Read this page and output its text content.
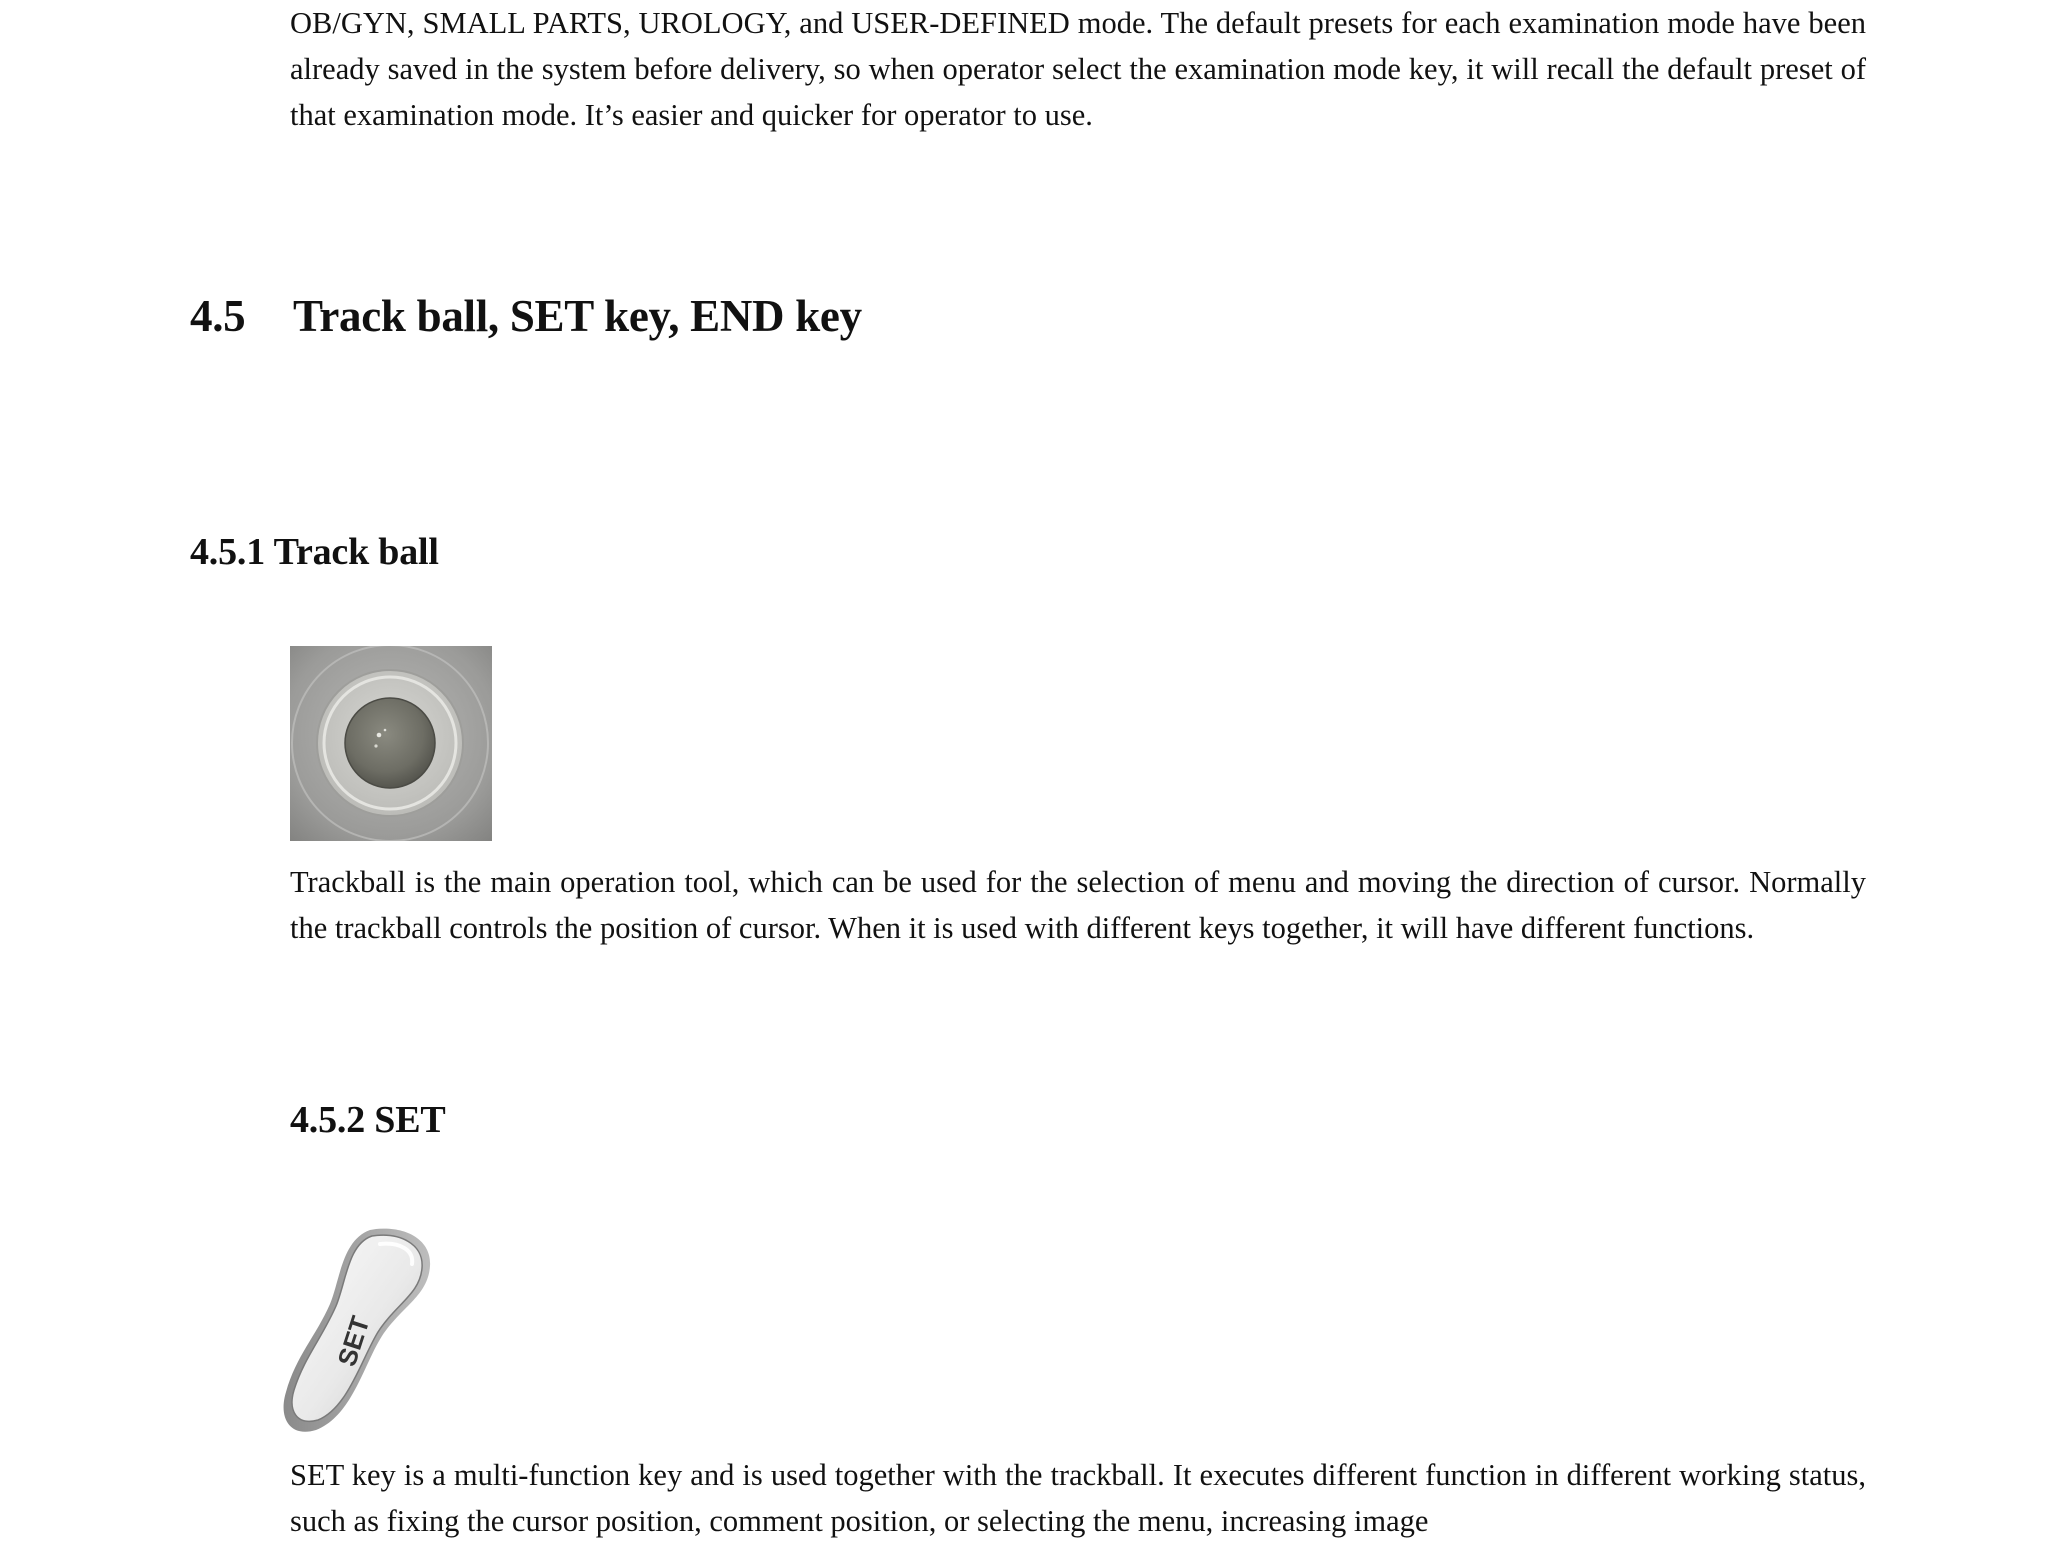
OB/GYN, SMALL PARTS, UROLOGY, and USER-DEFINED mode. The default presets for each examination mode have been already saved in the system before delivery, so when operator select the examination mode key, it will recall the default preset of that examination mode. It’s easier and quicker for operator to use.

4.5 Track ball, SET key, END key
4.5.1 Track ball

Trackball is the main operation tool, which can be used for the selection of menu and moving the direction of cursor. Normally the trackball controls the position of cursor. When it is used with different keys together, it will have different functions.

4.5.2 SET
SET

SET key is a multi-function key and is used together with the trackball. It executes different function in different working status, such as fixing the cursor position, comment position, or selecting the menu, increasing image
